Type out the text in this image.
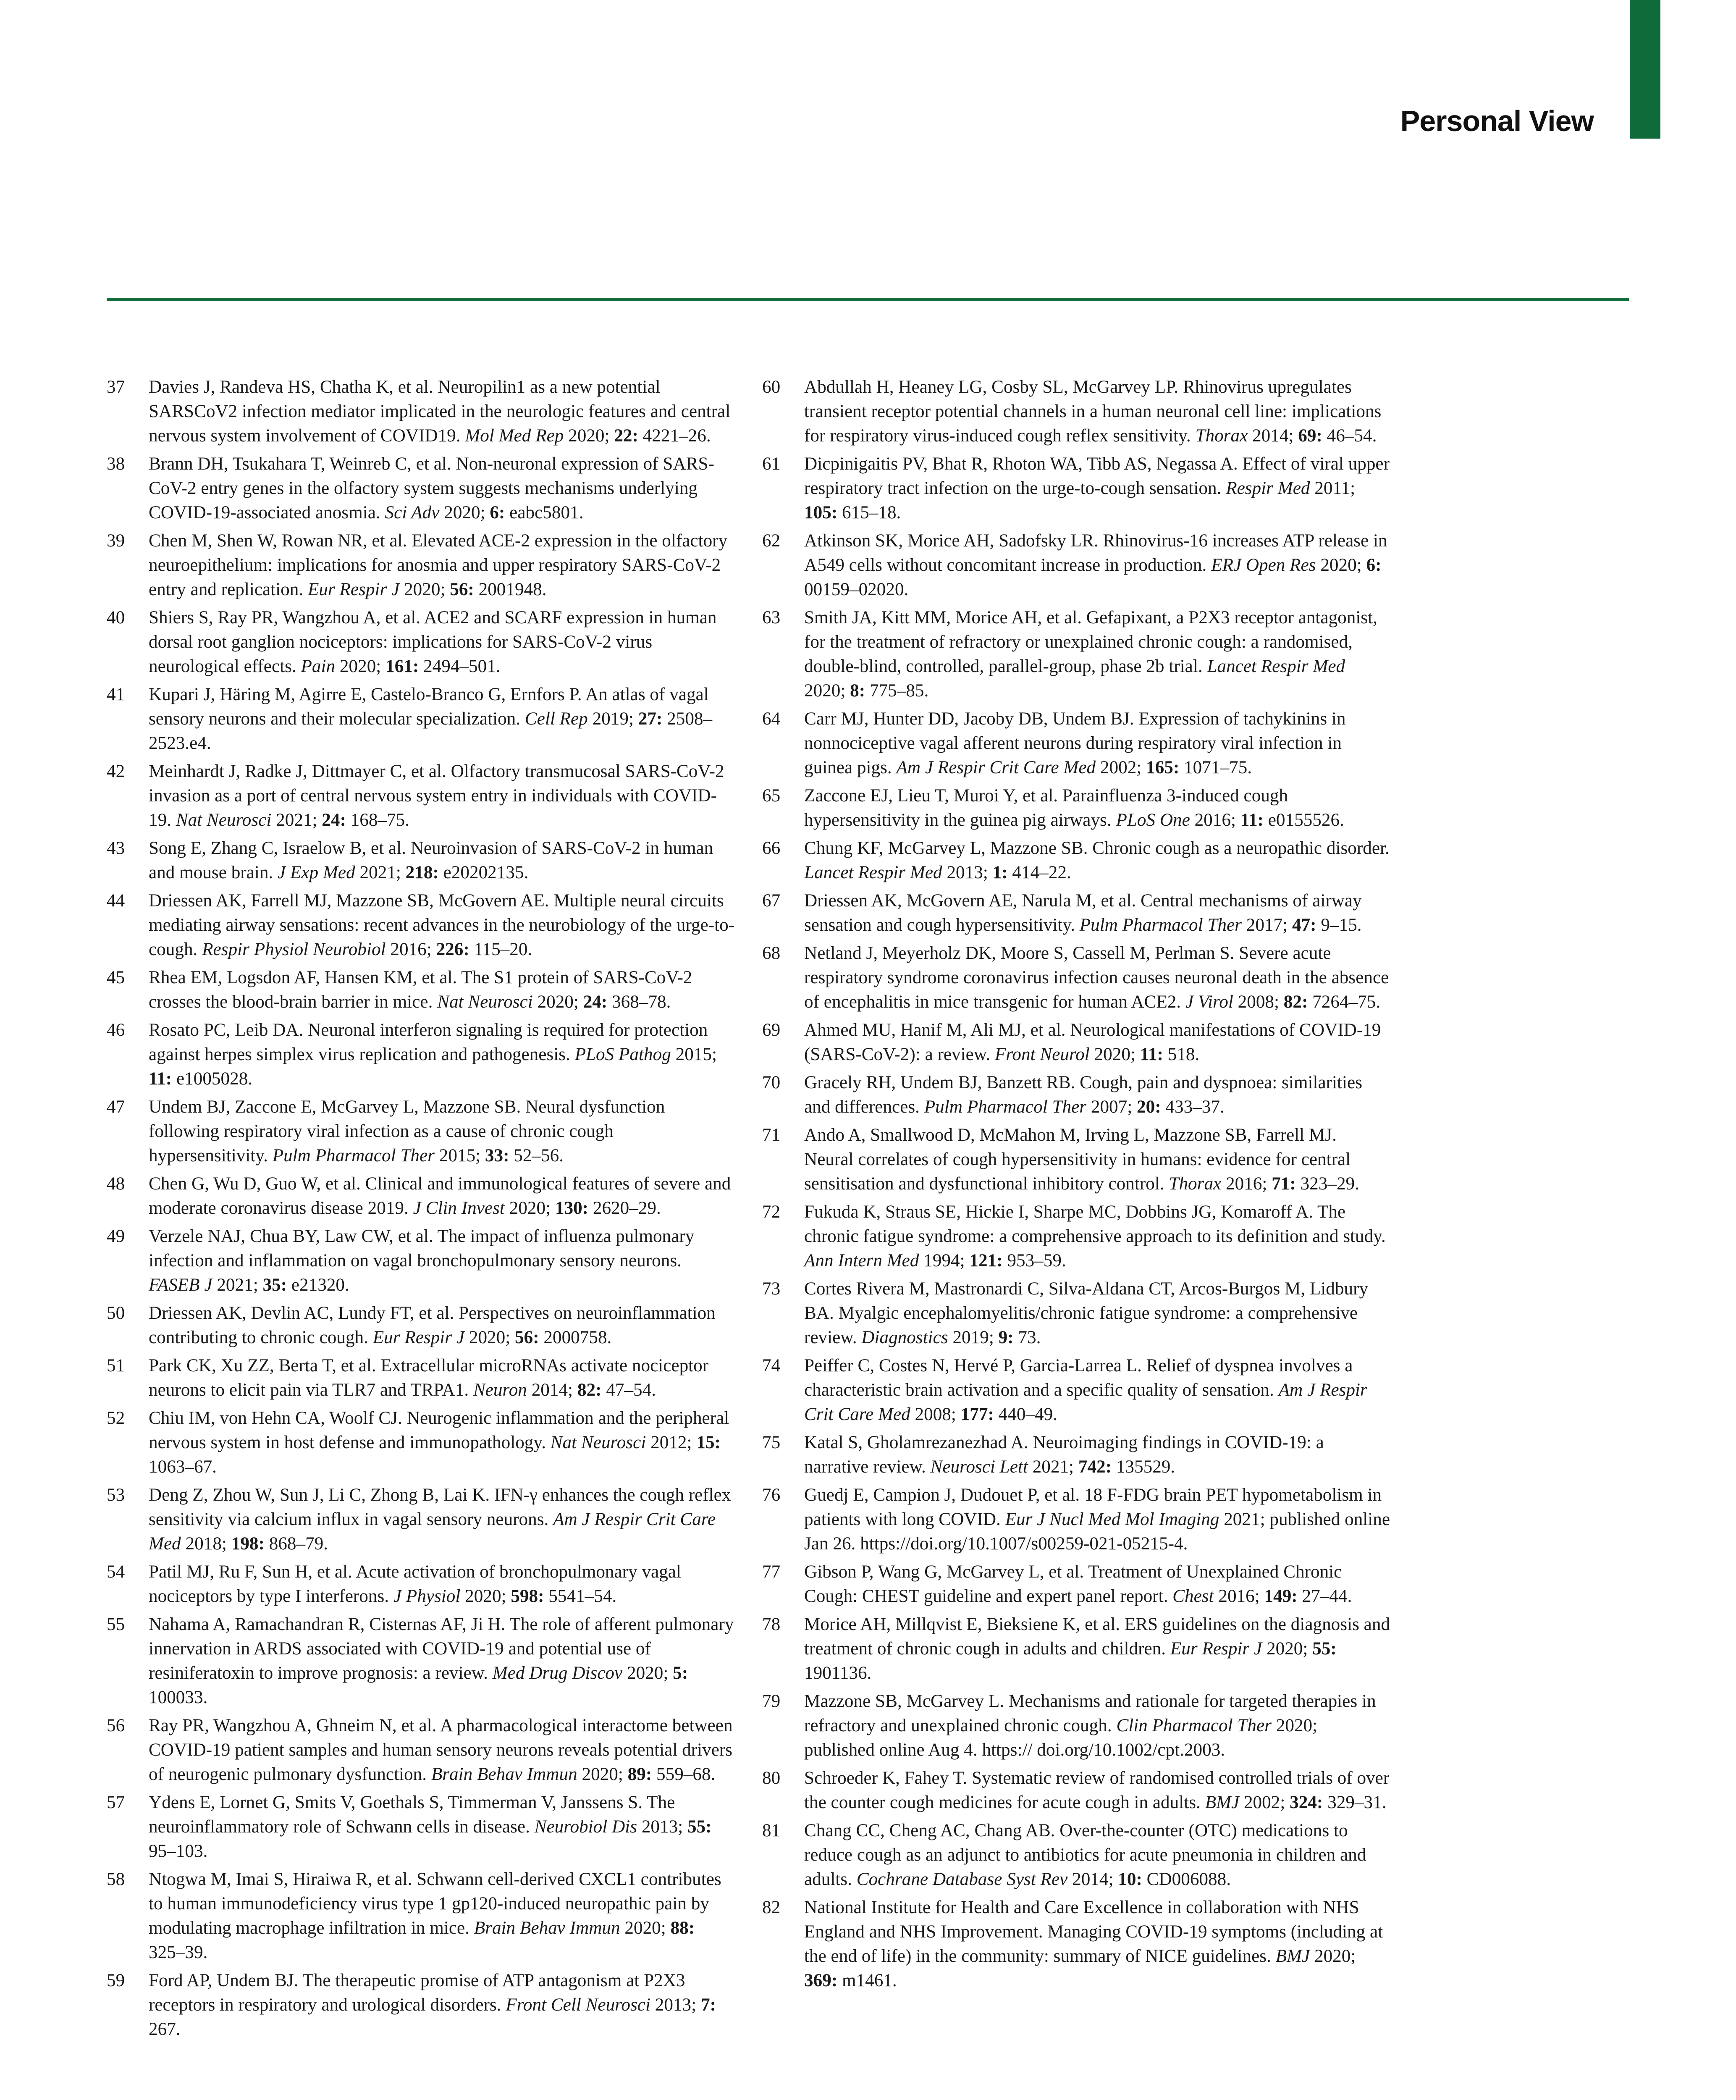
Personal View
37	Davies J, Randeva HS, Chatha K, et al. Neuropilin1 as a new potential SARSCoV2 infection mediator implicated in the neurologic features and central nervous system involvement of COVID19. Mol Med Rep 2020; 22: 4221–26.
38	Brann DH, Tsukahara T, Weinreb C, et al. Non-neuronal expression of SARS-CoV-2 entry genes in the olfactory system suggests mechanisms underlying COVID-19-associated anosmia. Sci Adv 2020; 6: eabc5801.
39	Chen M, Shen W, Rowan NR, et al. Elevated ACE-2 expression in the olfactory neuroepithelium: implications for anosmia and upper respiratory SARS-CoV-2 entry and replication. Eur Respir J 2020; 56: 2001948.
40	Shiers S, Ray PR, Wangzhou A, et al. ACE2 and SCARF expression in human dorsal root ganglion nociceptors: implications for SARS-CoV-2 virus neurological effects. Pain 2020; 161: 2494–501.
41	Kupari J, Häring M, Agirre E, Castelo-Branco G, Ernfors P. An atlas of vagal sensory neurons and their molecular specialization. Cell Rep 2019; 27: 2508–2523.e4.
42	Meinhardt J, Radke J, Dittmayer C, et al. Olfactory transmucosal SARS-CoV-2 invasion as a port of central nervous system entry in individuals with COVID-19. Nat Neurosci 2021; 24: 168–75.
43	Song E, Zhang C, Israelow B, et al. Neuroinvasion of SARS-CoV-2 in human and mouse brain. J Exp Med 2021; 218: e20202135.
44	Driessen AK, Farrell MJ, Mazzone SB, McGovern AE. Multiple neural circuits mediating airway sensations: recent advances in the neurobiology of the urge-to-cough. Respir Physiol Neurobiol 2016; 226: 115–20.
45	Rhea EM, Logsdon AF, Hansen KM, et al. The S1 protein of SARS-CoV-2 crosses the blood-brain barrier in mice. Nat Neurosci 2020; 24: 368–78.
46	Rosato PC, Leib DA. Neuronal interferon signaling is required for protection against herpes simplex virus replication and pathogenesis. PLoS Pathog 2015; 11: e1005028.
47	Undem BJ, Zaccone E, McGarvey L, Mazzone SB. Neural dysfunction following respiratory viral infection as a cause of chronic cough hypersensitivity. Pulm Pharmacol Ther 2015; 33: 52–56.
48	Chen G, Wu D, Guo W, et al. Clinical and immunological features of severe and moderate coronavirus disease 2019. J Clin Invest 2020; 130: 2620–29.
49	Verzele NAJ, Chua BY, Law CW, et al. The impact of influenza pulmonary infection and inflammation on vagal bronchopulmonary sensory neurons. FASEB J 2021; 35: e21320.
50	Driessen AK, Devlin AC, Lundy FT, et al. Perspectives on neuroinflammation contributing to chronic cough. Eur Respir J 2020; 56: 2000758.
51	Park CK, Xu ZZ, Berta T, et al. Extracellular microRNAs activate nociceptor neurons to elicit pain via TLR7 and TRPA1. Neuron 2014; 82: 47–54.
52	Chiu IM, von Hehn CA, Woolf CJ. Neurogenic inflammation and the peripheral nervous system in host defense and immunopathology. Nat Neurosci 2012; 15: 1063–67.
53	Deng Z, Zhou W, Sun J, Li C, Zhong B, Lai K. IFN-γ enhances the cough reflex sensitivity via calcium influx in vagal sensory neurons. Am J Respir Crit Care Med 2018; 198: 868–79.
54	Patil MJ, Ru F, Sun H, et al. Acute activation of bronchopulmonary vagal nociceptors by type I interferons. J Physiol 2020; 598: 5541–54.
55	Nahama A, Ramachandran R, Cisternas AF, Ji H. The role of afferent pulmonary innervation in ARDS associated with COVID-19 and potential use of resiniferatoxin to improve prognosis: a review. Med Drug Discov 2020; 5: 100033.
56	Ray PR, Wangzhou A, Ghneim N, et al. A pharmacological interactome between COVID-19 patient samples and human sensory neurons reveals potential drivers of neurogenic pulmonary dysfunction. Brain Behav Immun 2020; 89: 559–68.
57	Ydens E, Lornet G, Smits V, Goethals S, Timmerman V, Janssens S. The neuroinflammatory role of Schwann cells in disease. Neurobiol Dis 2013; 55: 95–103.
58	Ntogwa M, Imai S, Hiraiwa R, et al. Schwann cell-derived CXCL1 contributes to human immunodeficiency virus type 1 gp120-induced neuropathic pain by modulating macrophage infiltration in mice. Brain Behav Immun 2020; 88: 325–39.
59	Ford AP, Undem BJ. The therapeutic promise of ATP antagonism at P2X3 receptors in respiratory and urological disorders. Front Cell Neurosci 2013; 7: 267.
60	Abdullah H, Heaney LG, Cosby SL, McGarvey LP. Rhinovirus upregulates transient receptor potential channels in a human neuronal cell line: implications for respiratory virus-induced cough reflex sensitivity. Thorax 2014; 69: 46–54.
61	Dicpinigaitis PV, Bhat R, Rhoton WA, Tibb AS, Negassa A. Effect of viral upper respiratory tract infection on the urge-to-cough sensation. Respir Med 2011; 105: 615–18.
62	Atkinson SK, Morice AH, Sadofsky LR. Rhinovirus-16 increases ATP release in A549 cells without concomitant increase in production. ERJ Open Res 2020; 6: 00159–02020.
63	Smith JA, Kitt MM, Morice AH, et al. Gefapixant, a P2X3 receptor antagonist, for the treatment of refractory or unexplained chronic cough: a randomised, double-blind, controlled, parallel-group, phase 2b trial. Lancet Respir Med 2020; 8: 775–85.
64	Carr MJ, Hunter DD, Jacoby DB, Undem BJ. Expression of tachykinins in nonnociceptive vagal afferent neurons during respiratory viral infection in guinea pigs. Am J Respir Crit Care Med 2002; 165: 1071–75.
65	Zaccone EJ, Lieu T, Muroi Y, et al. Parainfluenza 3-induced cough hypersensitivity in the guinea pig airways. PLoS One 2016; 11: e0155526.
66	Chung KF, McGarvey L, Mazzone SB. Chronic cough as a neuropathic disorder. Lancet Respir Med 2013; 1: 414–22.
67	Driessen AK, McGovern AE, Narula M, et al. Central mechanisms of airway sensation and cough hypersensitivity. Pulm Pharmacol Ther 2017; 47: 9–15.
68	Netland J, Meyerholz DK, Moore S, Cassell M, Perlman S. Severe acute respiratory syndrome coronavirus infection causes neuronal death in the absence of encephalitis in mice transgenic for human ACE2. J Virol 2008; 82: 7264–75.
69	Ahmed MU, Hanif M, Ali MJ, et al. Neurological manifestations of COVID-19 (SARS-CoV-2): a review. Front Neurol 2020; 11: 518.
70	Gracely RH, Undem BJ, Banzett RB. Cough, pain and dyspnoea: similarities and differences. Pulm Pharmacol Ther 2007; 20: 433–37.
71	Ando A, Smallwood D, McMahon M, Irving L, Mazzone SB, Farrell MJ. Neural correlates of cough hypersensitivity in humans: evidence for central sensitisation and dysfunctional inhibitory control. Thorax 2016; 71: 323–29.
72	Fukuda K, Straus SE, Hickie I, Sharpe MC, Dobbins JG, Komaroff A. The chronic fatigue syndrome: a comprehensive approach to its definition and study. Ann Intern Med 1994; 121: 953–59.
73	Cortes Rivera M, Mastronardi C, Silva-Aldana CT, Arcos-Burgos M, Lidbury BA. Myalgic encephalomyelitis/chronic fatigue syndrome: a comprehensive review. Diagnostics 2019; 9: 73.
74	Peiffer C, Costes N, Hervé P, Garcia-Larrea L. Relief of dyspnea involves a characteristic brain activation and a specific quality of sensation. Am J Respir Crit Care Med 2008; 177: 440–49.
75	Katal S, Gholamrezanezhad A. Neuroimaging findings in COVID-19: a narrative review. Neurosci Lett 2021; 742: 135529.
76	Guedj E, Campion J, Dudouet P, et al. 18 F-FDG brain PET hypometabolism in patients with long COVID. Eur J Nucl Med Mol Imaging 2021; published online Jan 26. https://doi.org/10.1007/s00259-021-05215-4.
77	Gibson P, Wang G, McGarvey L, et al. Treatment of Unexplained Chronic Cough: CHEST guideline and expert panel report. Chest 2016; 149: 27–44.
78	Morice AH, Millqvist E, Bieksiene K, et al. ERS guidelines on the diagnosis and treatment of chronic cough in adults and children. Eur Respir J 2020; 55: 1901136.
79	Mazzone SB, McGarvey L. Mechanisms and rationale for targeted therapies in refractory and unexplained chronic cough. Clin Pharmacol Ther 2020; published online Aug 4. https:// doi.org/10.1002/cpt.2003.
80	Schroeder K, Fahey T. Systematic review of randomised controlled trials of over the counter cough medicines for acute cough in adults. BMJ 2002; 324: 329–31.
81	Chang CC, Cheng AC, Chang AB. Over-the-counter (OTC) medications to reduce cough as an adjunct to antibiotics for acute pneumonia in children and adults. Cochrane Database Syst Rev 2014; 10: CD006088.
82	National Institute for Health and Care Excellence in collaboration with NHS England and NHS Improvement. Managing COVID-19 symptoms (including at the end of life) in the community: summary of NICE guidelines. BMJ 2020; 369: m1461.
